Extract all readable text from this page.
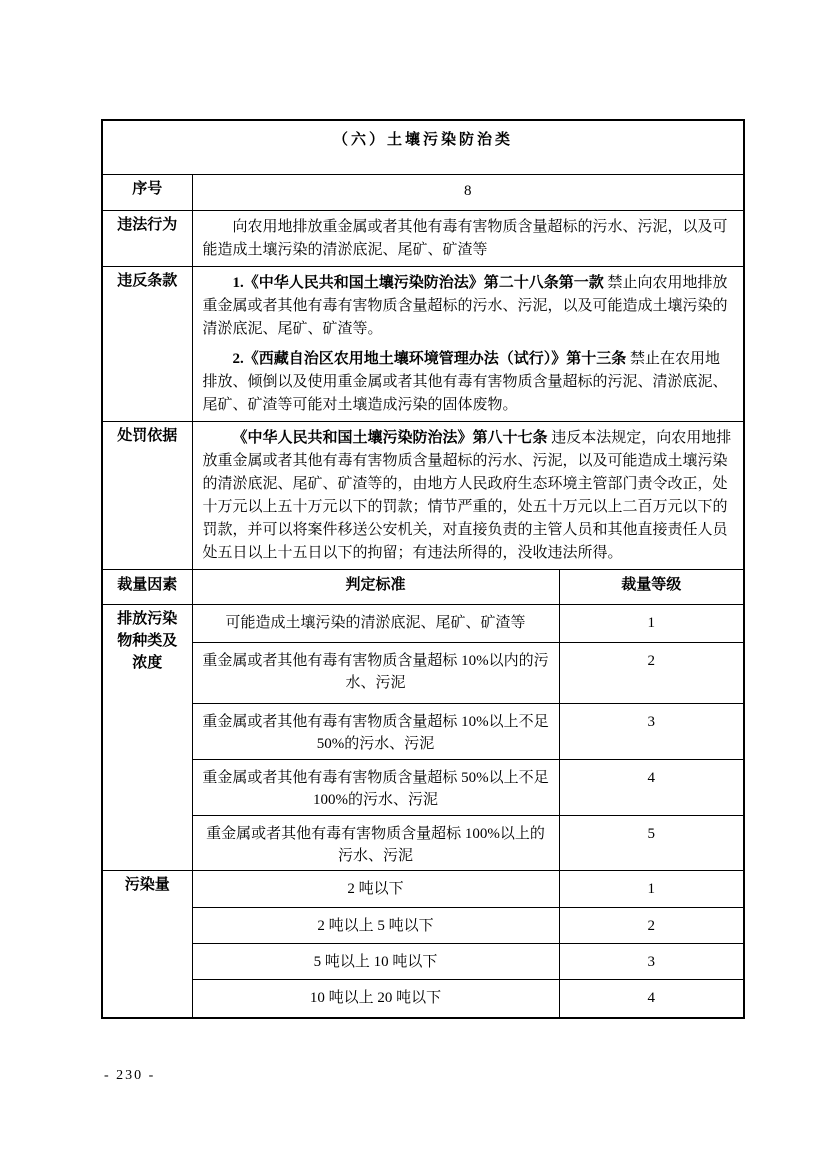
（六）土壤污染防治类		
序号	8	
违法行为	向农用地排放重金属或者其他有毒有害物质含量超标的污水、污泥，以及可能造成土壤污染的清淤底泥、尾矿、矿渣等	

违反条款	1.《中华人民共和国土壤污染防治法》第二十八条第一款 禁止向农用地排放重金属或者其他有毒有害物质含量超标的污水、污泥，以及可能造成土壤污染的清淤底泥、尾矿、矿渣等。

2.《西藏自治区农用地土壤环境管理办法（试行）》第十三条 禁止在农用地排放、倾倒以及使用重金属或者其他有毒有害物质含量超标的污泥、清淤底泥、尾矿、矿渣等可能对土壤造成污染的固体废物。	

处罚依据	《中华人民共和国土壤污染防治法》第八十七条 违反本法规定，向农用地排放重金属或者其他有毒有害物质含量超标的污水、污泥，以及可能造成土壤污染的清淤底泥、尾矿、矿渣等的，由地方人民政府生态环境主管部门责令改正，处十万元以上五十万元以下的罚款；情节严重的，处五十万元以上二百万元以下的罚款，并可以将案件移送公安机关，对直接负责的主管人员和其他直接责任人员处五日以上十五日以下的拘留；有违法所得的，没收违法所得。	

裁量因素	判定标准	裁量等级
排放污染物种类及浓度	可能造成土壤污染的清淤底泥、尾矿、矿渣等	1
	重金属或者其他有毒有害物质含量超标 10%以内的污水、污泥	2
	重金属或者其他有毒有害物质含量超标 10%以上不足 50%的污水、污泥	3
	重金属或者其他有毒有害物质含量超标 50%以上不足 100%的污水、污泥	4
	重金属或者其他有毒有害物质含量超标 100%以上的污水、污泥	5
污染量	2 吨以下	1
	2 吨以上 5 吨以下	2
	5 吨以上 10 吨以下	3
	10 吨以上 20 吨以下	4
- 230 -
